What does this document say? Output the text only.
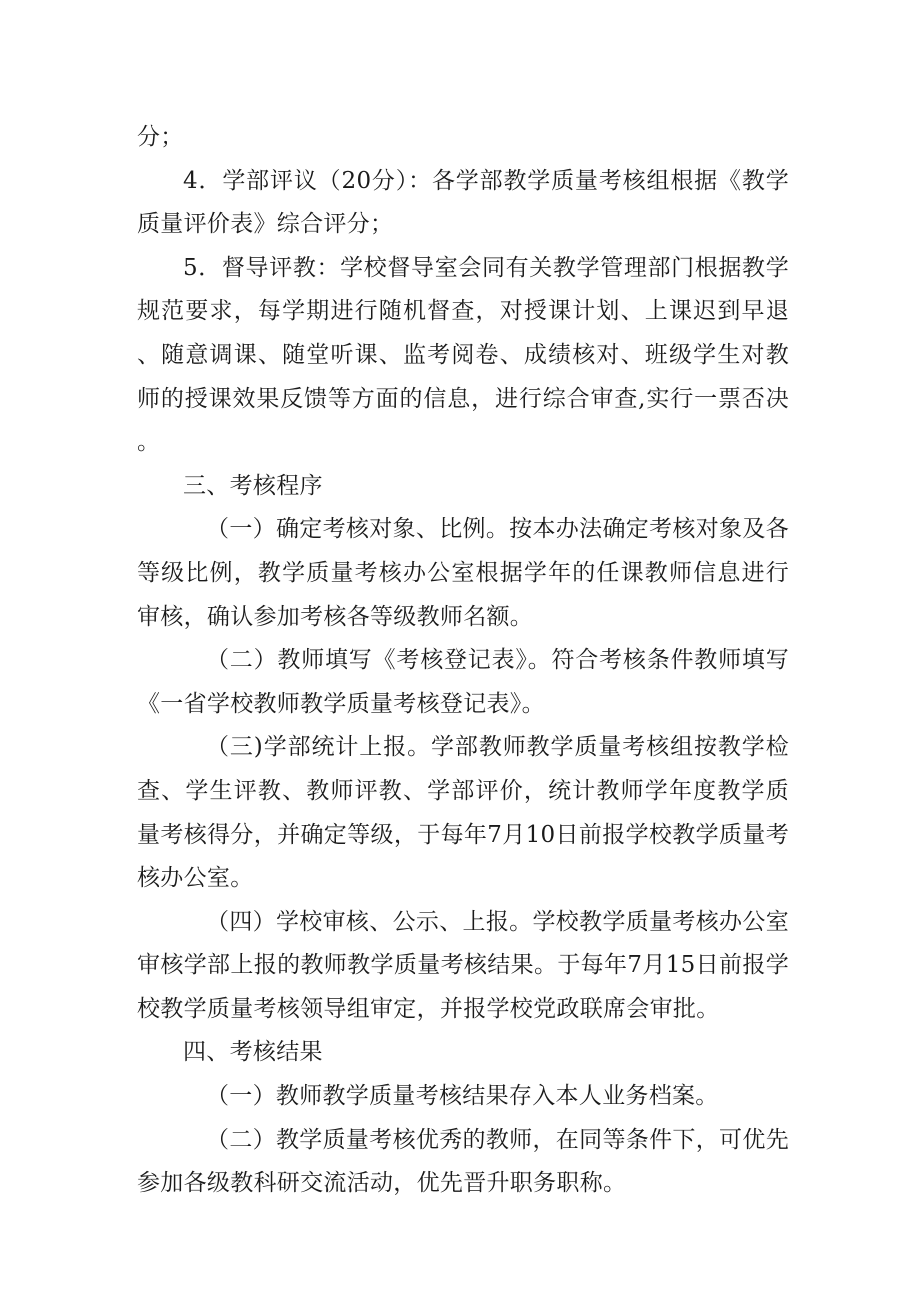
分；

4．学部评议（20分）：各学部教学质量考核组根据《教学质量评价表》综合评分；

5．督导评教：学校督导室会同有关教学管理部门根据教学规范要求，每学期进行随机督查，对授课计划、上课迟到早退、随意调课、随堂听课、监考阅卷、成绩核对、班级学生对教师的授课效果反馈等方面的信息，进行综合审查,实行一票否决。

三、考核程序

（一）确定考核对象、比例。按本办法确定考核对象及各等级比例，教学质量考核办公室根据学年的任课教师信息进行审核，确认参加考核各等级教师名额。

（二）教师填写《考核登记表》。符合考核条件教师填写《一省学校教师教学质量考核登记表》。

（三)学部统计上报。学部教师教学质量考核组按教学检查、学生评教、教师评教、学部评价，统计教师学年度教学质量考核得分，并确定等级，于每年7月10日前报学校教学质量考核办公室。

（四）学校审核、公示、上报。学校教学质量考核办公室审核学部上报的教师教学质量考核结果。于每年7月15日前报学校教学质量考核领导组审定，并报学校党政联席会审批。

四、考核结果

（一）教师教学质量考核结果存入本人业务档案。

（二）教学质量考核优秀的教师，在同等条件下，可优先参加各级教科研交流活动，优先晋升职务职称。
